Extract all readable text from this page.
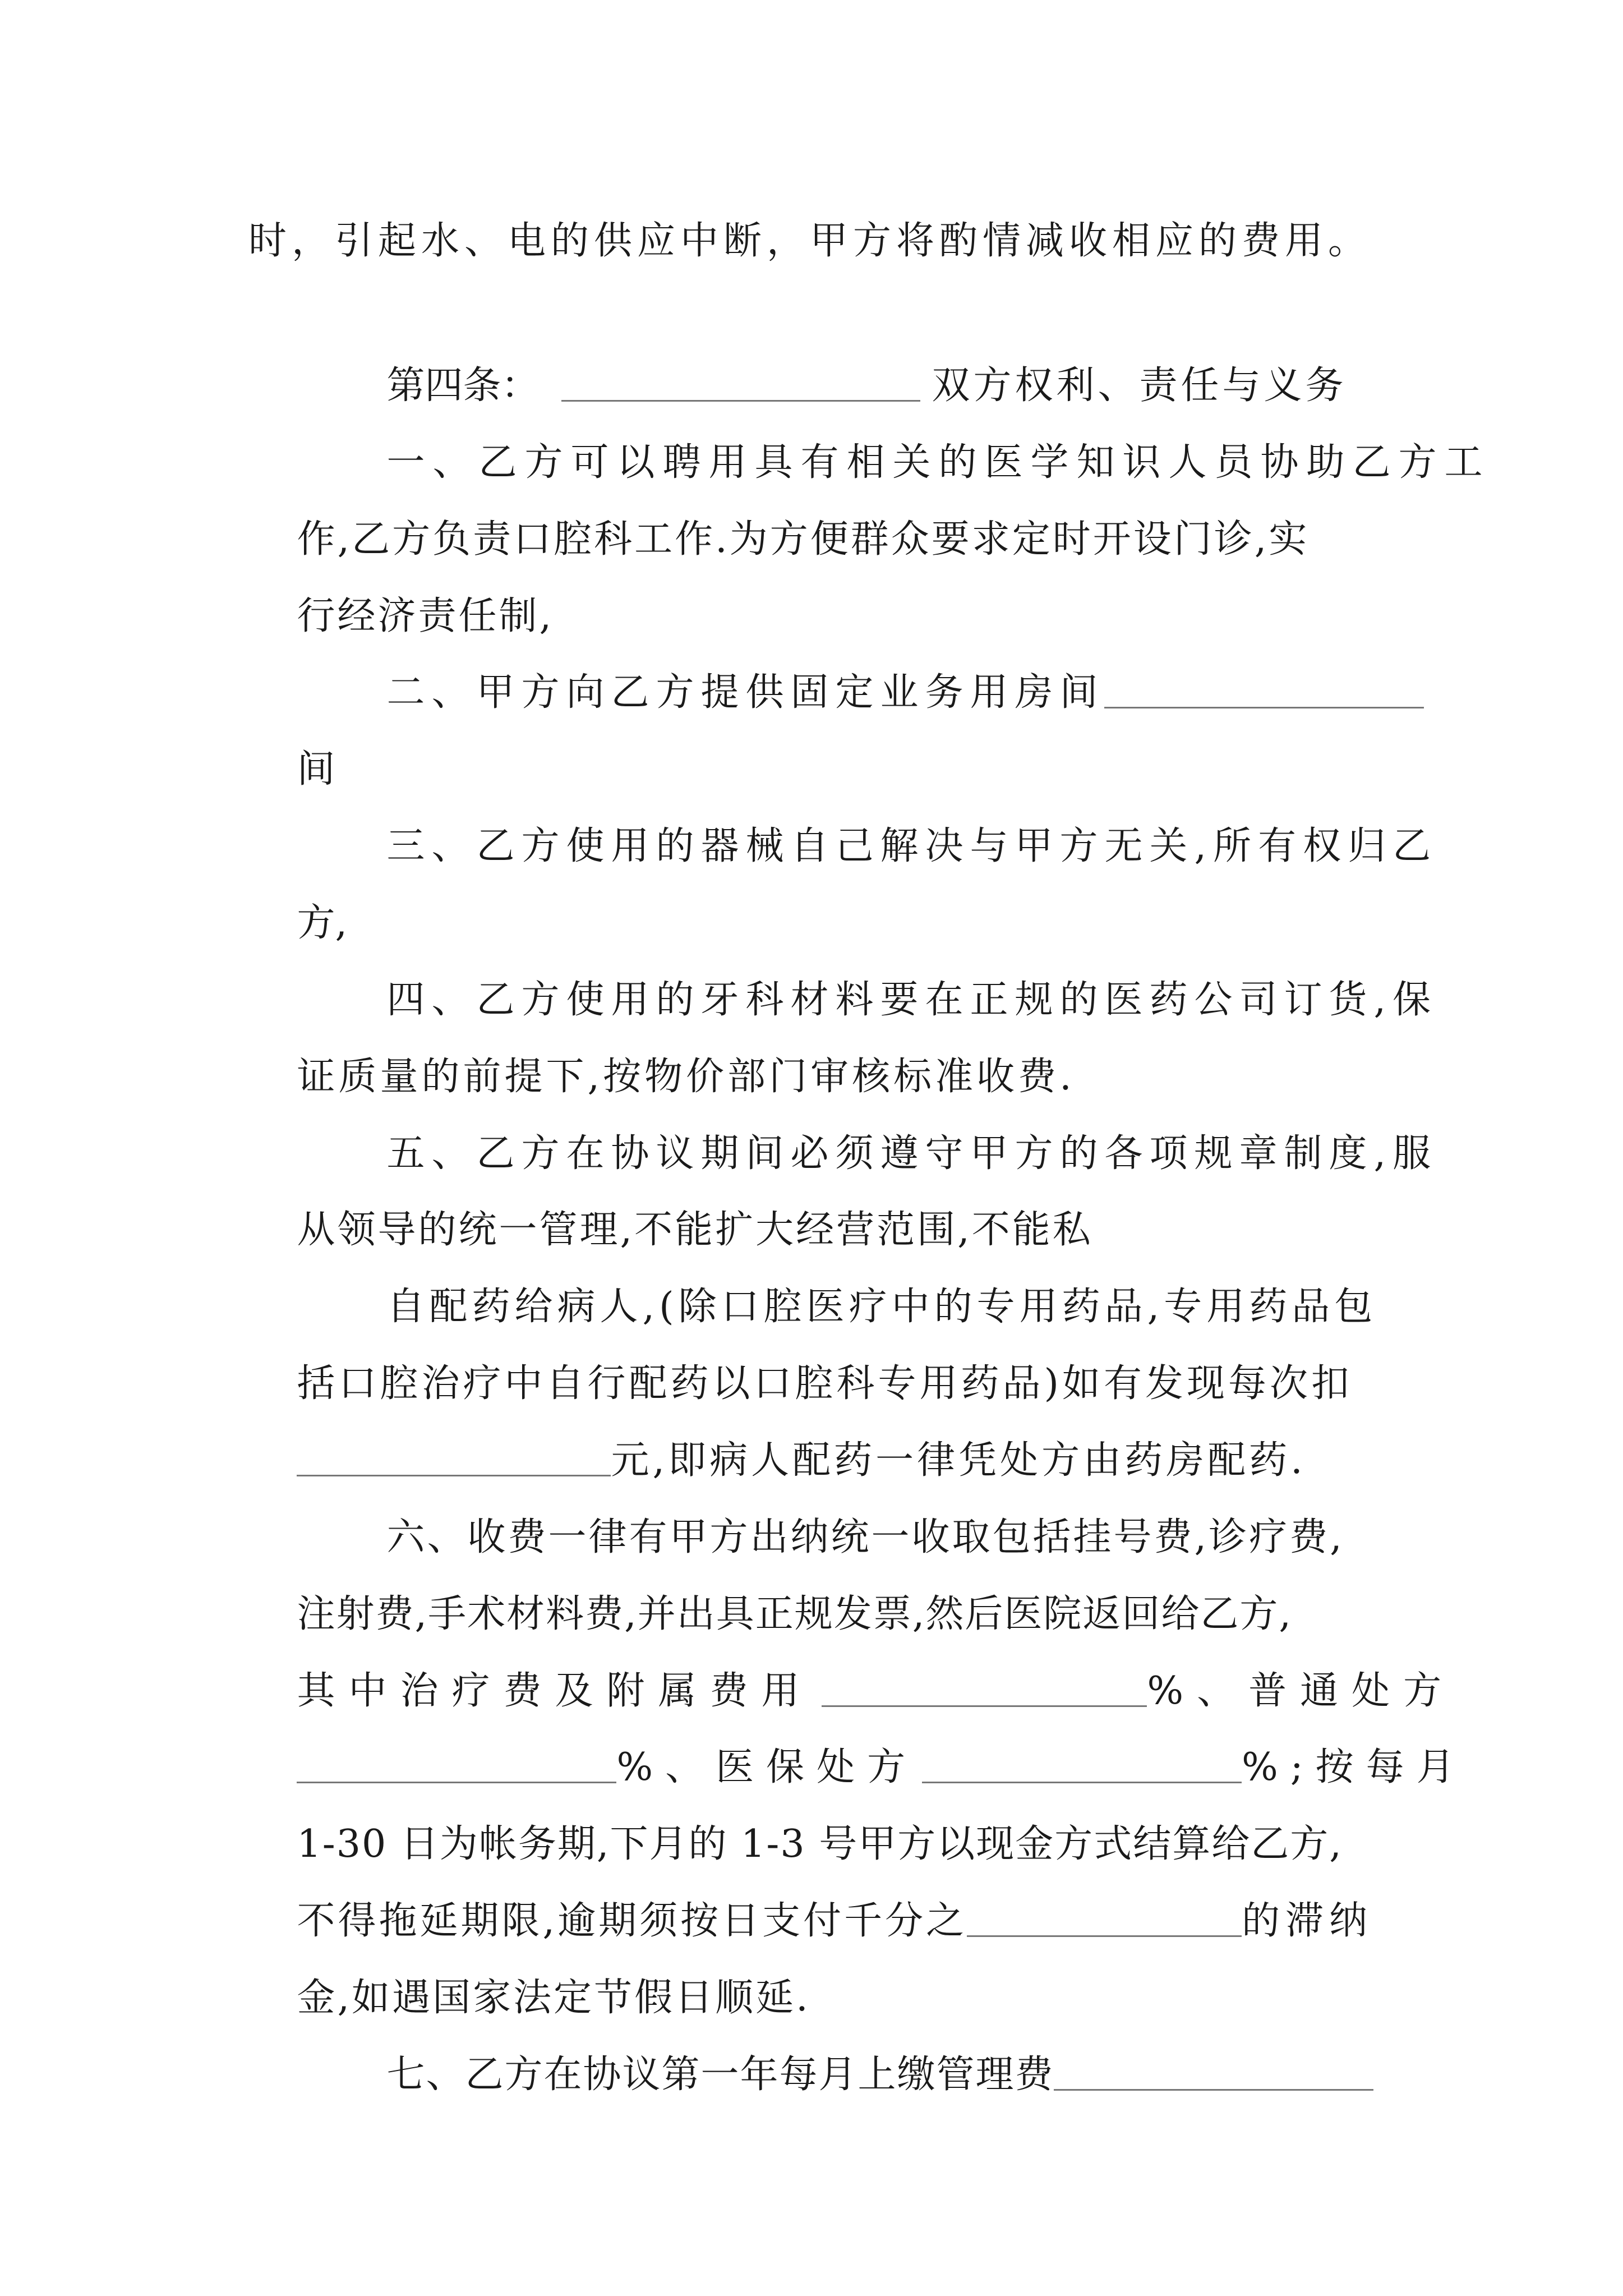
时，引起水、电的供应中断，甲方将酌情减收相应的费用。

第四条：	双方权利、责任与义务

一、乙方可以聘用具有相关的医学知识人员协助乙方工

作,乙方负责口腔科工作.为方便群众要求定时开设门诊,实

行经济责任制,

二、甲方向乙方提供固定业务用房间

间

三、乙方使用的器械自己解决与甲方无关,所有权归乙

方,

四、乙方使用的牙科材料要在正规的医药公司订货,保

证质量的前提下,按物价部门审核标准收费.

五、乙方在协议期间必须遵守甲方的各项规章制度,服

从领导的统一管理,不能扩大经营范围,不能私

自配药给病人,(除口腔医疗中的专用药品,专用药品包

括口腔治疗中自行配药以口腔科专用药品)如有发现每次扣

元,即病人配药一律凭处方由药房配药.

六、收费一律有甲方出纳统一收取包括挂号费,诊疗费,

注射费,手术材料费,并出具正规发票,然后医院返回给乙方,

其中治疗费及附属费用	%、普通处方

%、医保处方	%;按每月

1-30 日为帐务期,下月的 1-3 号甲方以现金方式结算给乙方,

不得拖延期限,逾期须按日支付千分之	的滞纳

金,如遇国家法定节假日顺延.

七、乙方在协议第一年每月上缴管理费
